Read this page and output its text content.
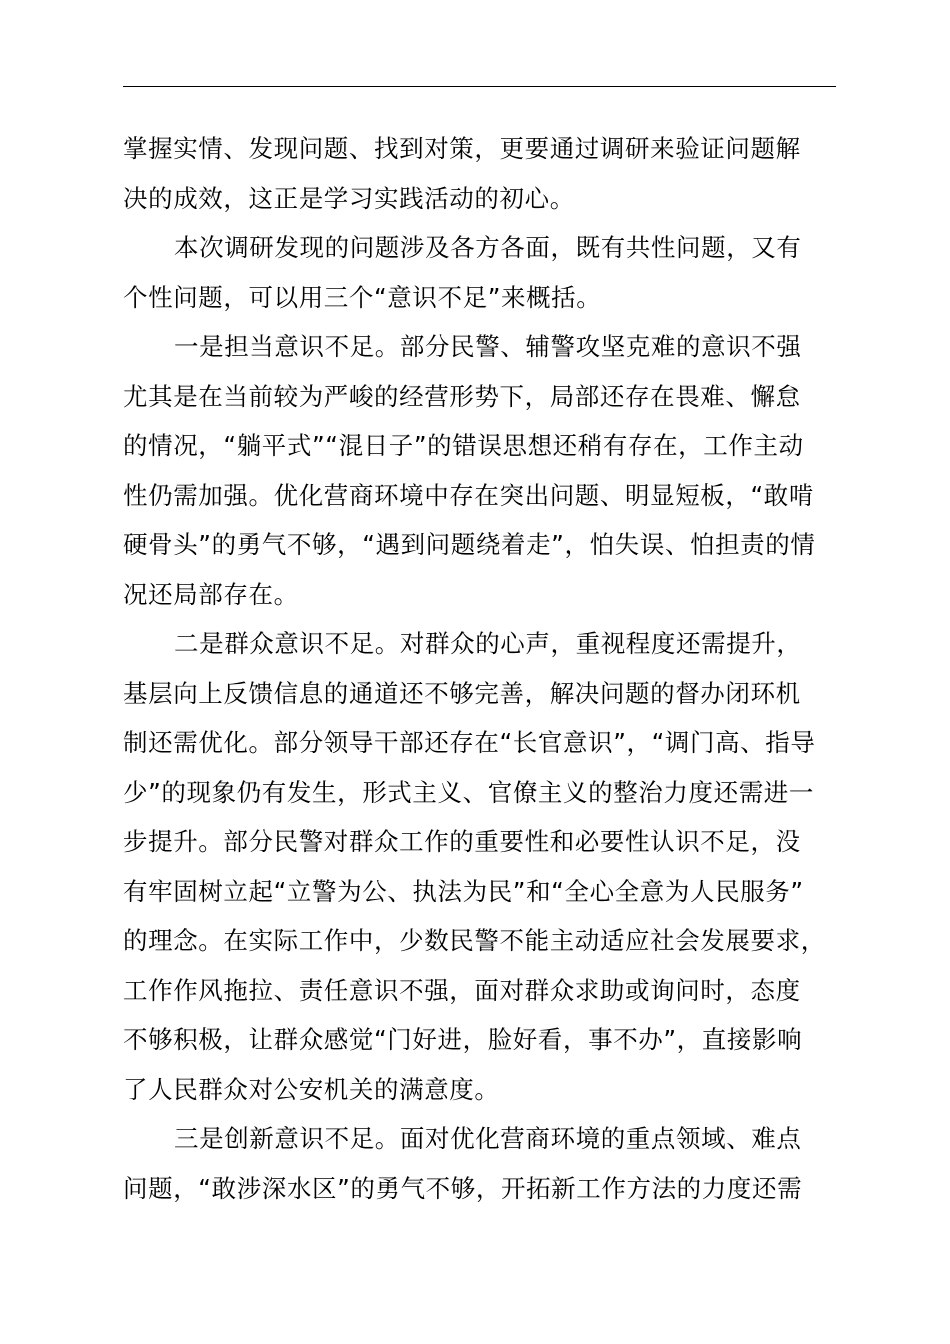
掌握实情、发现问题、找到对策，更要通过调研来验证问题解
决的成效，这正是学习实践活动的初心。
本次调研发现的问题涉及各方各面，既有共性问题，又有
个性问题，可以用三个“意识不足”来概括。
一是担当意识不足。部分民警、辅警攻坚克难的意识不强
尤其是在当前较为严峻的经营形势下，局部还存在畏难、懈怠
的情况，“躺平式”“混日子”的错误思想还稍有存在，工作主动
性仍需加强。优化营商环境中存在突出问题、明显短板，“敢啃
硬骨头”的勇气不够，“遇到问题绕着走”，怕失误、怕担责的情
况还局部存在。
二是群众意识不足。对群众的心声，重视程度还需提升，
基层向上反馈信息的通道还不够完善，解决问题的督办闭环机
制还需优化。部分领导干部还存在“长官意识”，“调门高、指导
少”的现象仍有发生，形式主义、官僚主义的整治力度还需进一
步提升。部分民警对群众工作的重要性和必要性认识不足，没
有牢固树立起“立警为公、执法为民”和“全心全意为人民服务”
的理念。在实际工作中，少数民警不能主动适应社会发展要求，
工作作风拖拉、责任意识不强，面对群众求助或询问时，态度
不够积极，让群众感觉“门好进，脸好看，事不办”，直接影响
了人民群众对公安机关的满意度。
三是创新意识不足。面对优化营商环境的重点领域、难点
问题，“敢涉深水区”的勇气不够，开拓新工作方法的力度还需
